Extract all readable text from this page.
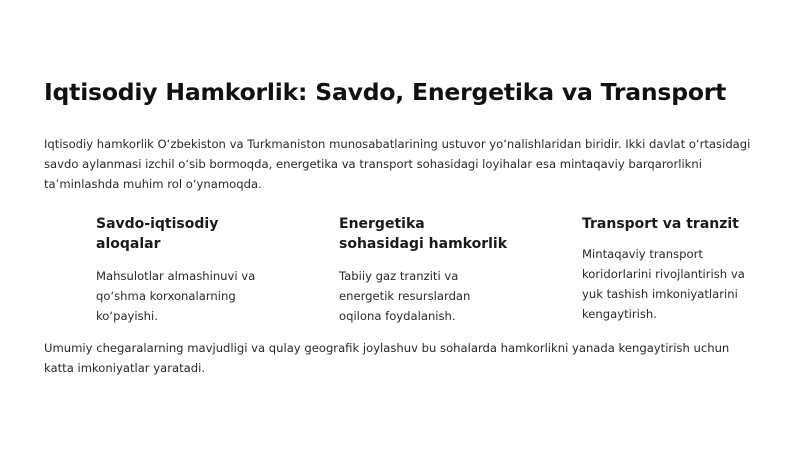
Iqtisodiy Hamkorlik: Savdo, Energetika va Transport

Iqtisodiy hamkorlik O‘zbekiston va Turkmaniston munosabatlarining ustuvor yo‘nalishlaridan biridir. Ikki davlat o‘rtasidagi savdo aylanmasi izchil o‘sib bormoqda, energetika va transport sohasidagi loyihalar esa mintaqaviy barqarorlikni ta’minlashda muhim rol o‘ynamoqda.

Savdo-iqtisodiy aloqalar

Mahsulotlar almashinuvi va qo‘shma korxonalarning ko‘payishi.

Energetika sohasidagi hamkorlik

Tabiiy gaz tranziti va energetik resurslardan oqilona foydalanish.

Transport va tranzit

Mintaqaviy transport koridorlarini rivojlantirish va yuk tashish imkoniyatlarini kengaytirish.

Umumiy chegaralarning mavjudligi va qulay geografik joylashuv bu sohalarda hamkorlikni yanada kengaytirish uchun katta imkoniyatlar yaratadi.
